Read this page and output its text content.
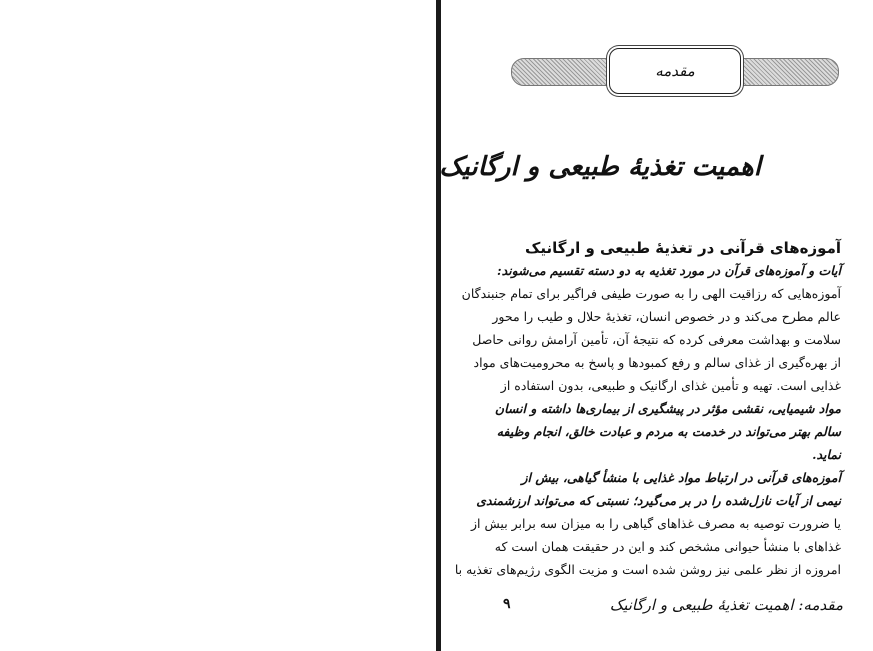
مقدمه
اهمیت تغذیهٔ طبیعی و ارگانیک
آموزه‌های قرآنی در تغذیهٔ طبیعی و ارگانیک
آیات و آموزه‌های قرآن در مورد تغذیه به دو دسته تقسیم می‌شوند:
آموزه‌هایی که رزاقیت الهی را به صورت طیفی فراگیر برای تمام جنبندگان
عالم مطرح می‌کند و در خصوص انسان، تغذیهٔ حلال و طیب را محور
سلامت و بهداشت معرفی کرده که نتیجهٔ آن، تأمین آرامش روانی حاصل
از بهره‌گیری از غذای سالم و رفع کمبودها و پاسخ به محرومیت‌های مواد
غذایی است. تهیه و تأمین غذای ارگانیک و طبیعی، بدون استفاده از
مواد شیمیایی، نقشی مؤثر در پیشگیری از بیماری‌ها داشته و انسان
سالم بهتر می‌تواند در خدمت به مردم و عبادت خالق، انجام وظیفه
نماید.
آموزه‌های قرآنی در ارتباط مواد غذایی با منشأ گیاهی، بیش از
نیمی از آیات نازل‌شده را در بر می‌گیرد؛ نسبتی که می‌تواند ارزشمندی
یا ضرورت توصیه به مصرف غذاهای گیاهی را به میزان سه برابر بیش از
غذاهای با منشأ حیوانی مشخص کند و این در حقیقت همان است که
امروزه از نظر علمی نیز روشن شده است و مزیت الگوی رژیم‌های تغذیه با
مقدمه: اهمیت تغذیهٔ طبیعی و ارگانیک
۹
